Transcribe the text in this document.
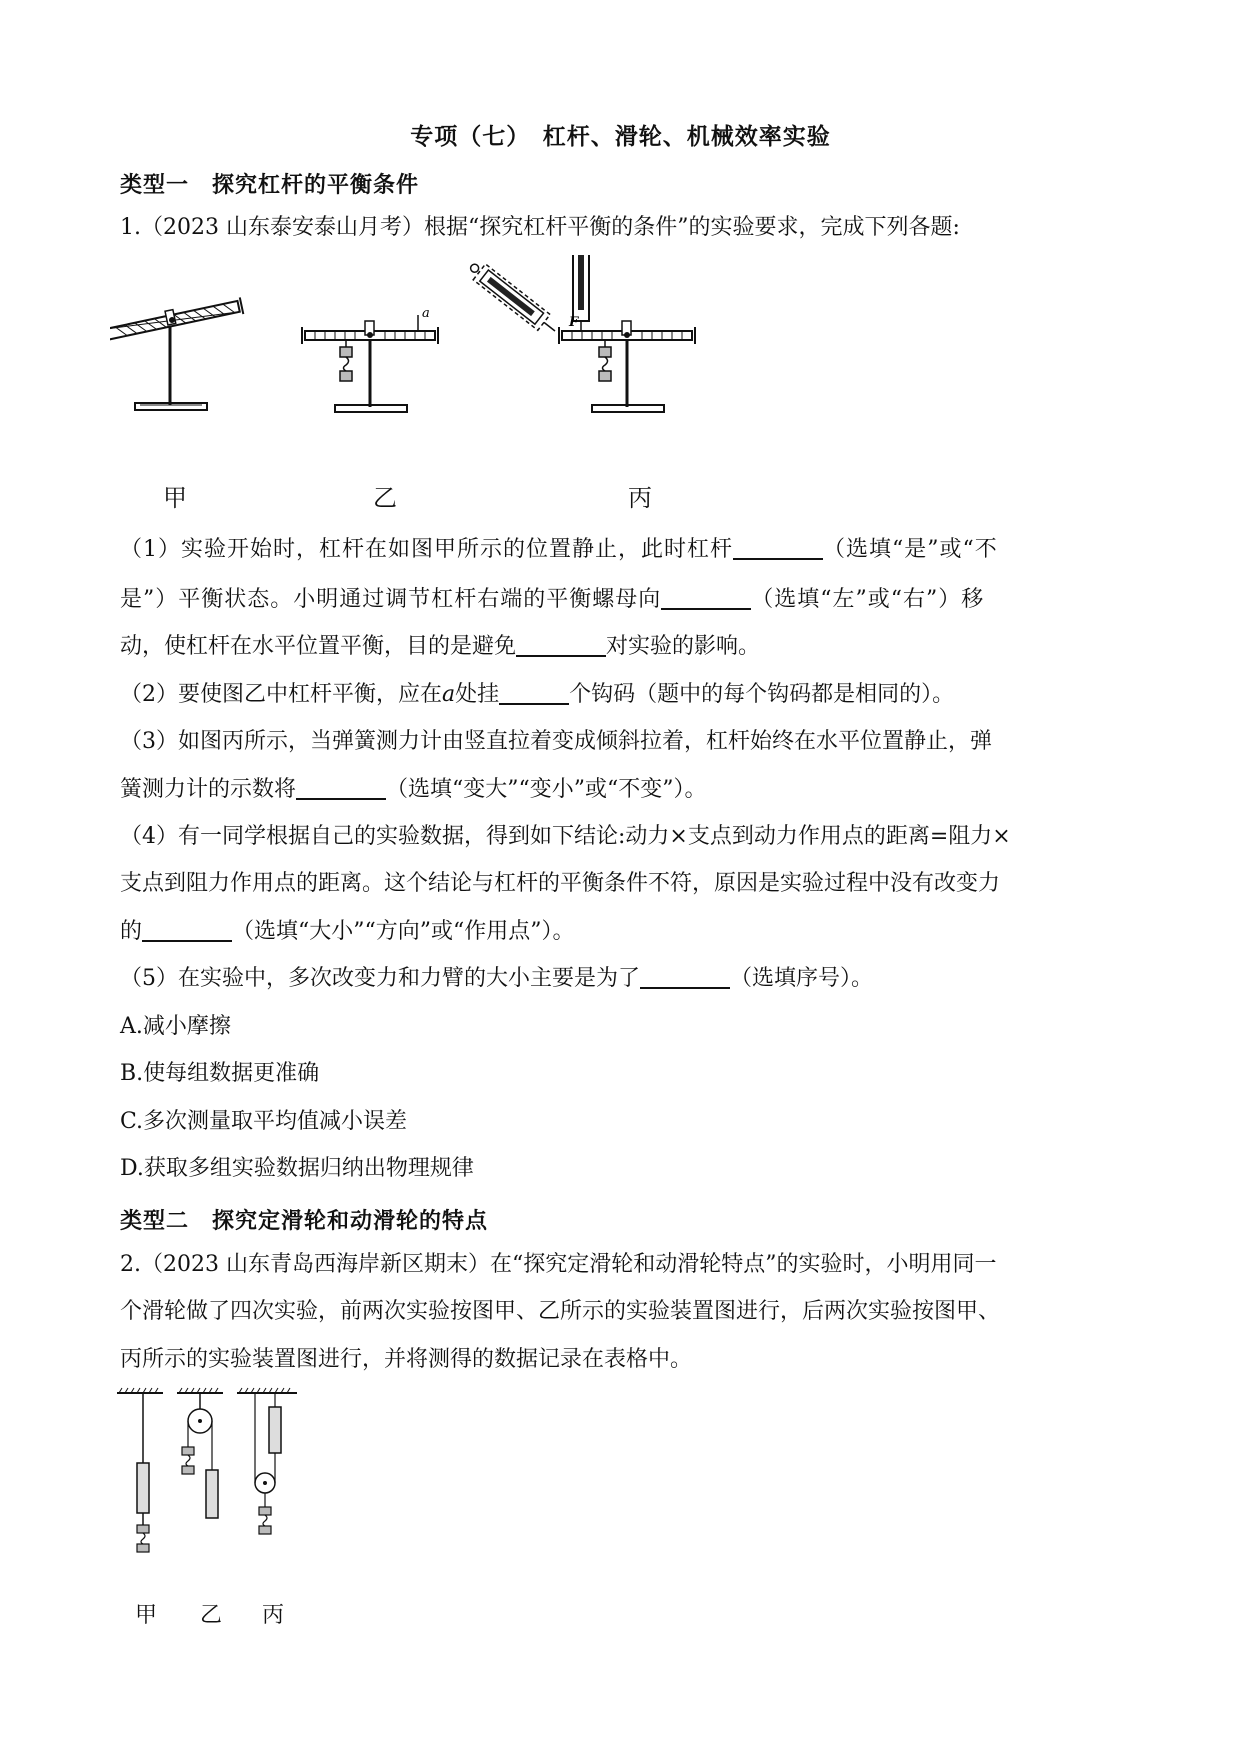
专项（七）　杠杆、滑轮、机械效率实验
类型一　探究杠杆的平衡条件
1.（2023 山东泰安泰山月考）根据“探究杠杆平衡的条件”的实验要求，完成下列各题:
a
F
甲	乙	丙
（1）实验开始时，杠杆在如图甲所示的位置静止，此时杠杆	（选填“是”或“不
是”）平衡状态。小明通过调节杠杆右端的平衡螺母向	（选填“左”或“右”）移
动，使杠杆在水平位置平衡，目的是避免	对实验的影响。
（2）要使图乙中杠杆平衡，应在a处挂	个钩码（题中的每个钩码都是相同的）。
（3）如图丙所示，当弹簧测力计由竖直拉着变成倾斜拉着，杠杆始终在水平位置静止，弹
簧测力计的示数将	（选填“变大”“变小”或“不变”）。
（4）有一同学根据自己的实验数据，得到如下结论:动力×支点到动力作用点的距离=阻力×
支点到阻力作用点的距离。这个结论与杠杆的平衡条件不符，原因是实验过程中没有改变力
的	（选填“大小”“方向”或“作用点”）。
（5）在实验中，多次改变力和力臂的大小主要是为了	（选填序号）。
A.减小摩擦
B.使每组数据更准确
C.多次测量取平均值减小误差
D.获取多组实验数据归纳出物理规律
类型二　探究定滑轮和动滑轮的特点
2.（2023 山东青岛西海岸新区期末）在“探究定滑轮和动滑轮特点”的实验时，小明用同一
个滑轮做了四次实验，前两次实验按图甲、乙所示的实验装置图进行，后两次实验按图甲、
丙所示的实验装置图进行，并将测得的数据记录在表格中。
甲 乙 丙
